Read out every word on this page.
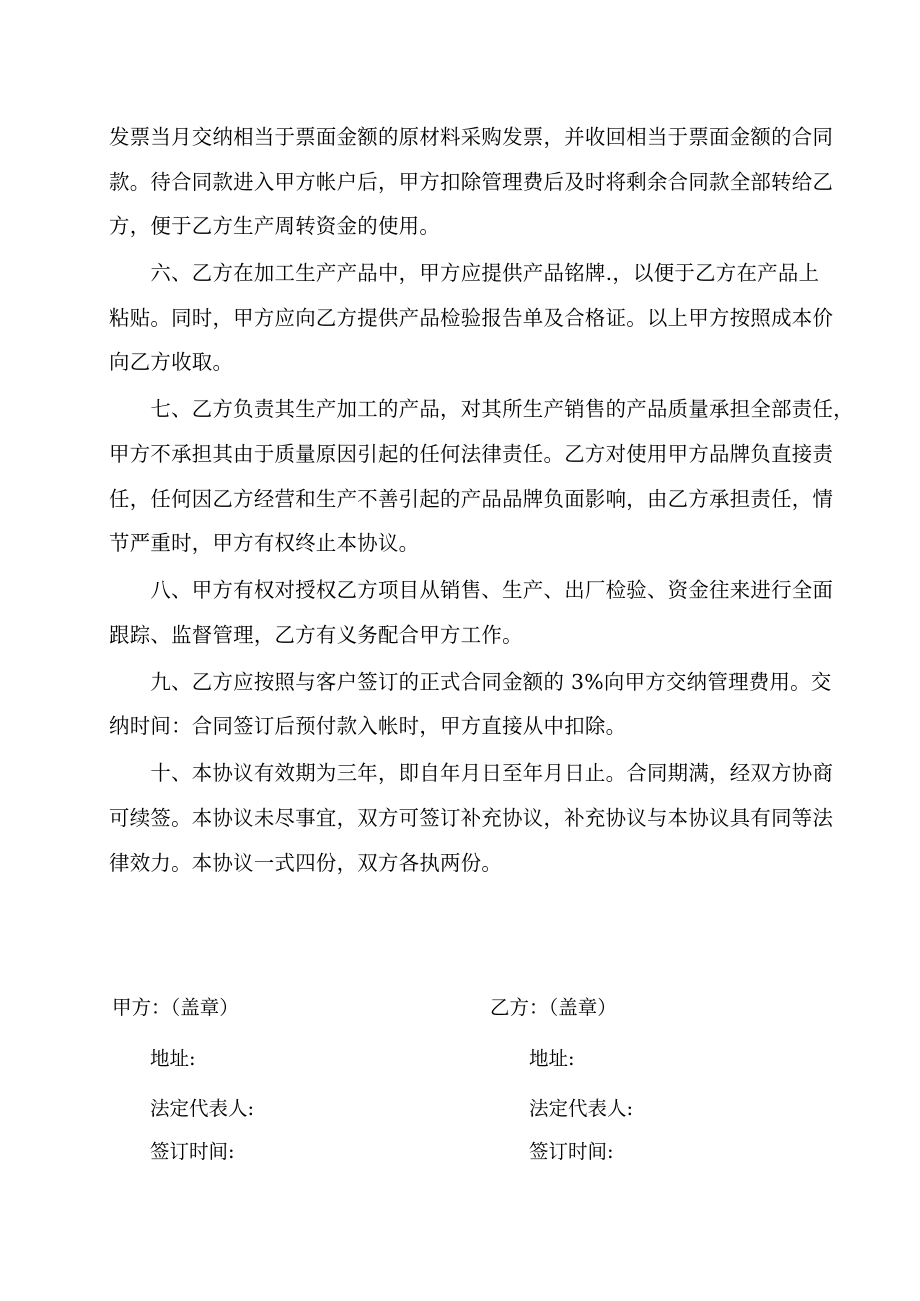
发票当月交纳相当于票面金额的原材料采购发票，并收回相当于票面金额的合同
款。待合同款进入甲方帐户后，甲方扣除管理费后及时将剩余合同款全部转给乙
方，便于乙方生产周转资金的使用。
　　六、乙方在加工生产产品中，甲方应提供产品铭牌.，以便于乙方在产品上
粘贴。同时，甲方应向乙方提供产品检验报告单及合格证。以上甲方按照成本价
向乙方收取。
　　七、乙方负责其生产加工的产品，对其所生产销售的产品质量承担全部责任，
甲方不承担其由于质量原因引起的任何法律责任。乙方对使用甲方品牌负直接责
任，任何因乙方经营和生产不善引起的产品品牌负面影响，由乙方承担责任，情
节严重时，甲方有权终止本协议。
　　八、甲方有权对授权乙方项目从销售、生产、出厂检验、资金往来进行全面
跟踪、监督管理，乙方有义务配合甲方工作。
　　九、乙方应按照与客户签订的正式合同金额的 3%向甲方交纳管理费用。交
纳时间：合同签订后预付款入帐时，甲方直接从中扣除。
　　十、本协议有效期为三年，即自年月日至年月日止。合同期满，经双方协商
可续签。本协议未尽事宜，双方可签订补充协议，补充协议与本协议具有同等法
律效力。本协议一式四份，双方各执两份。
甲方：（盖章）
地址:
法定代表人:
签订时间:
乙方：（盖章）
地址:
法定代表人:
签订时间:
